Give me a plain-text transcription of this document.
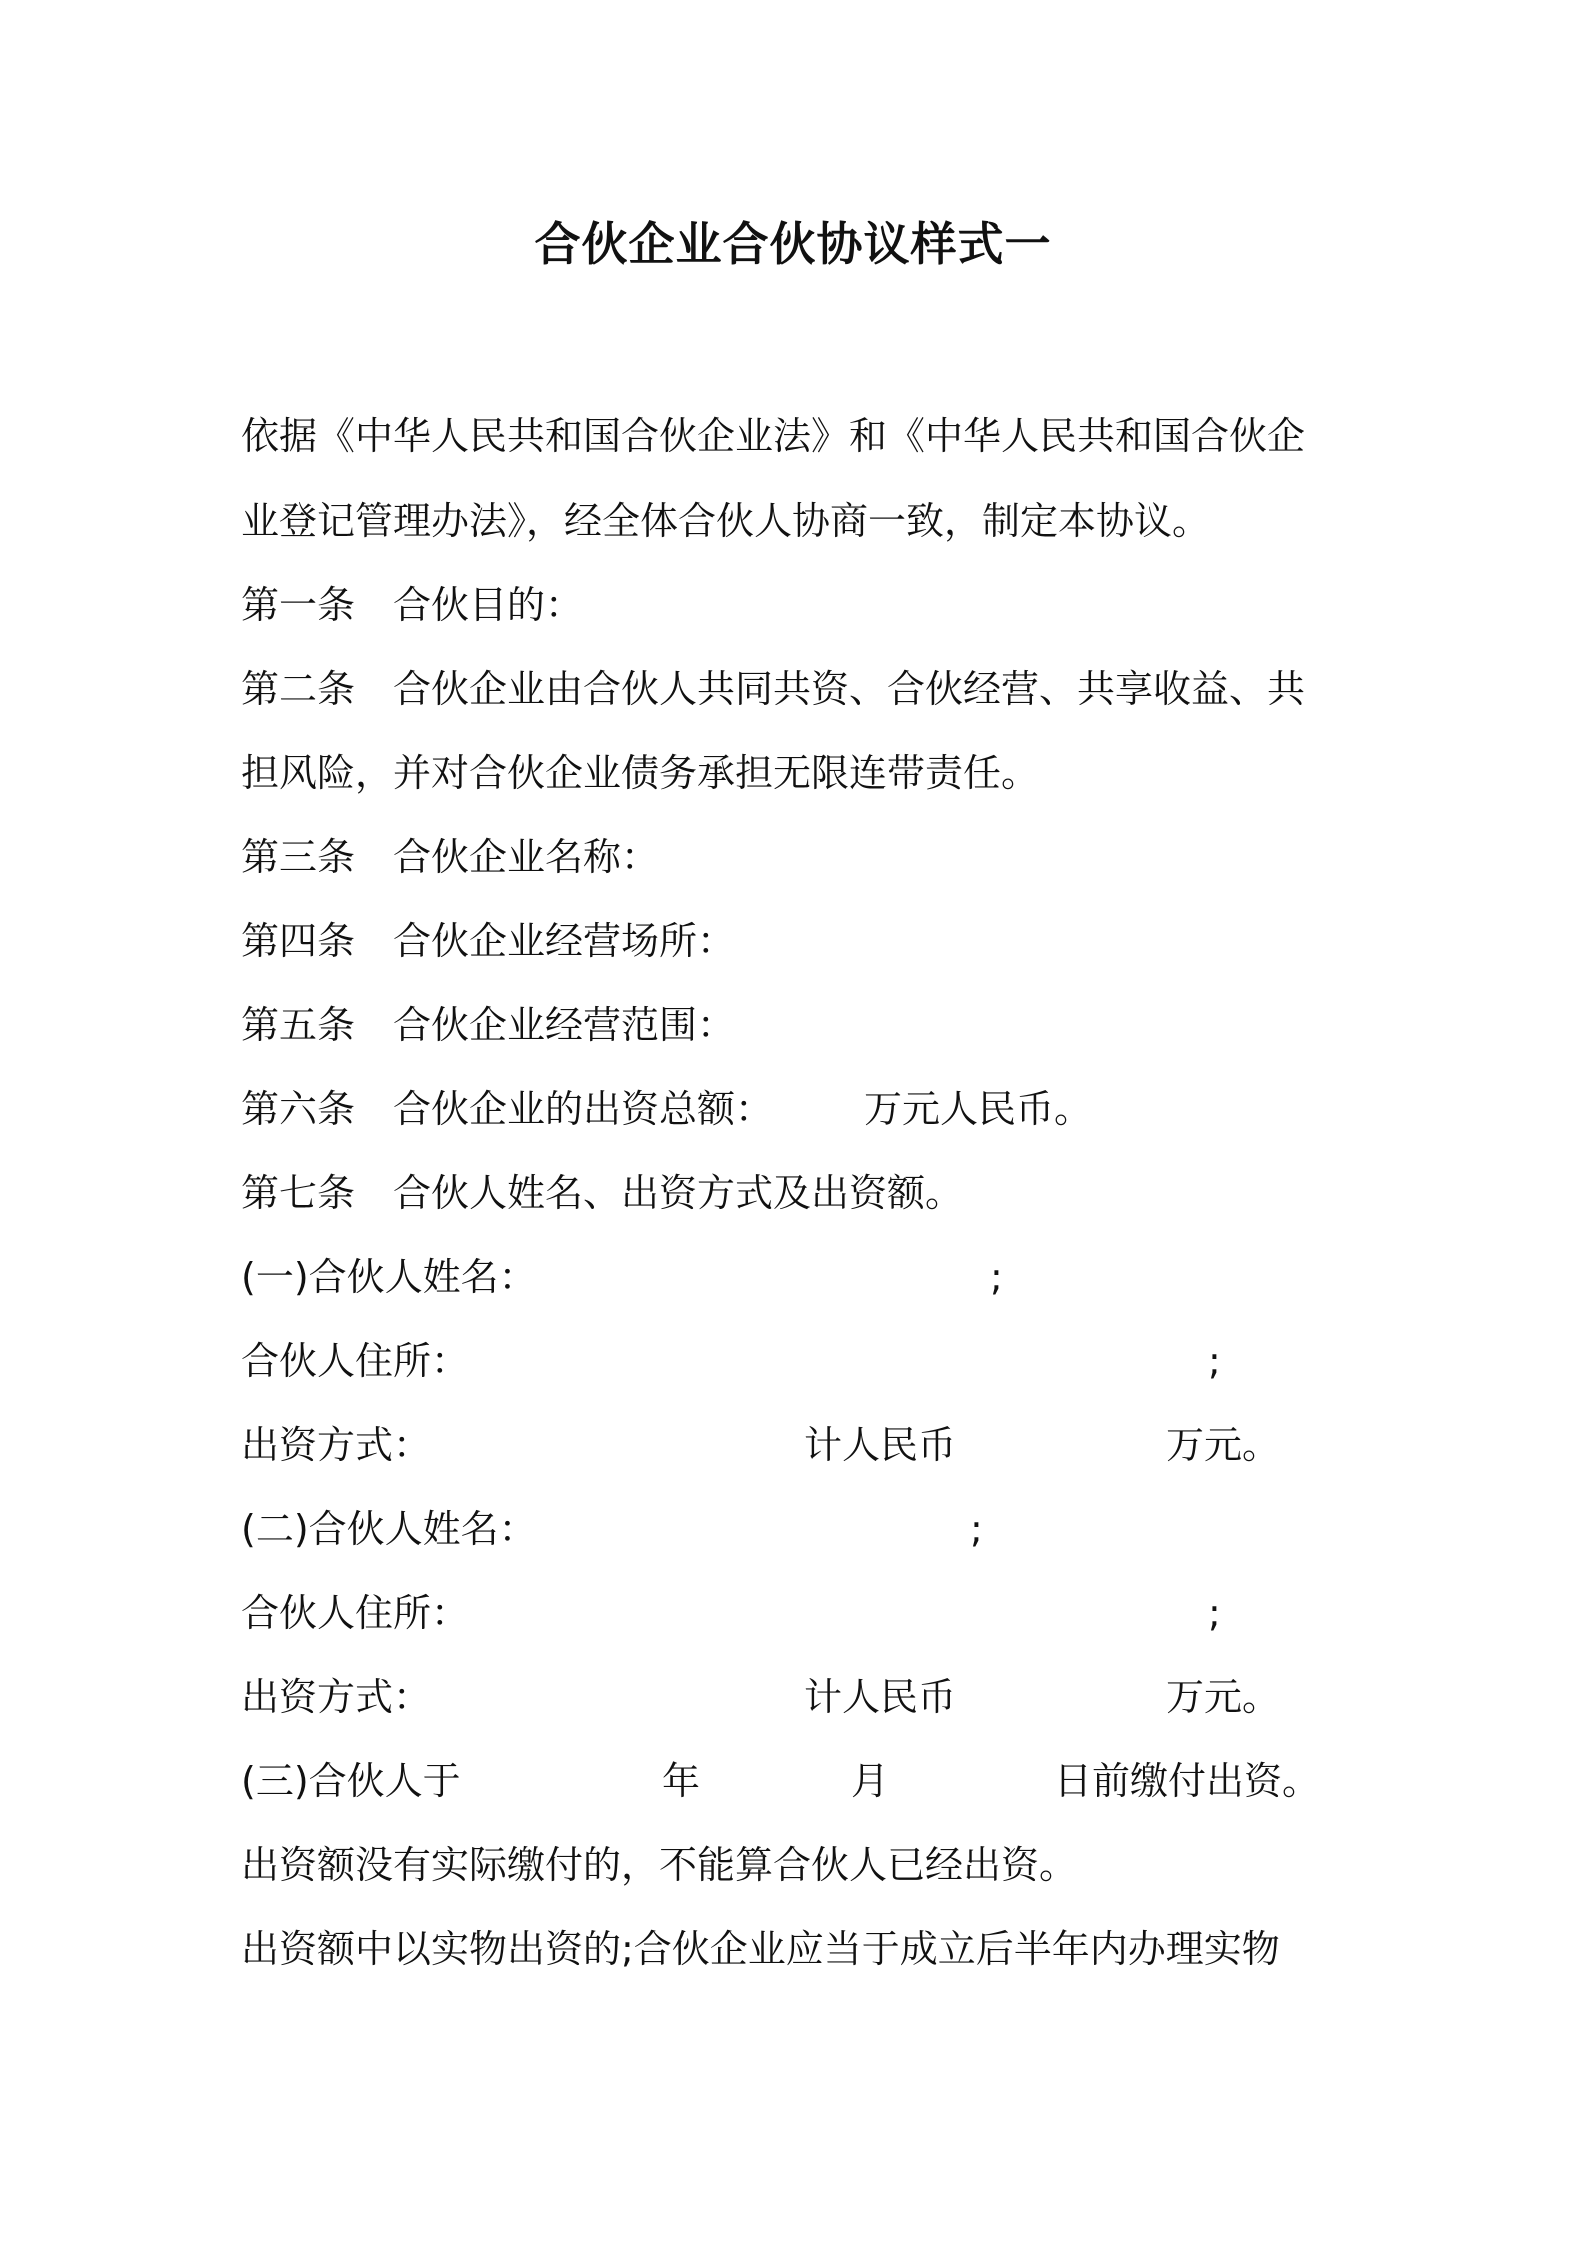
合伙企业合伙协议样式一

依据《中华人民共和国合伙企业法》和《中华人民共和国合伙企

业登记管理办法》，经全体合伙人协商一致，制定本协议。

第一条　合伙目的：

第二条　合伙企业由合伙人共同共资、合伙经营、共享收益、共

担风险，并对合伙企业债务承担无限连带责任。

第三条　合伙企业名称：

第四条　合伙企业经营场所：

第五条　合伙企业经营范围：

第六条　合伙企业的出资总额： 万元人民币。

第七条　合伙人姓名、出资方式及出资额。

(一)合伙人姓名：	;
合伙人住所：	;
出资方式：	计人民币	万元。
(二)合伙人姓名：	;
合伙人住所：	;
出资方式：	计人民币	万元。
(三)合伙人于	年	月	日前缴付出资。

出资额没有实际缴付的，不能算合伙人已经出资。

出资额中以实物出资的;合伙企业应当于成立后半年内办理实物
